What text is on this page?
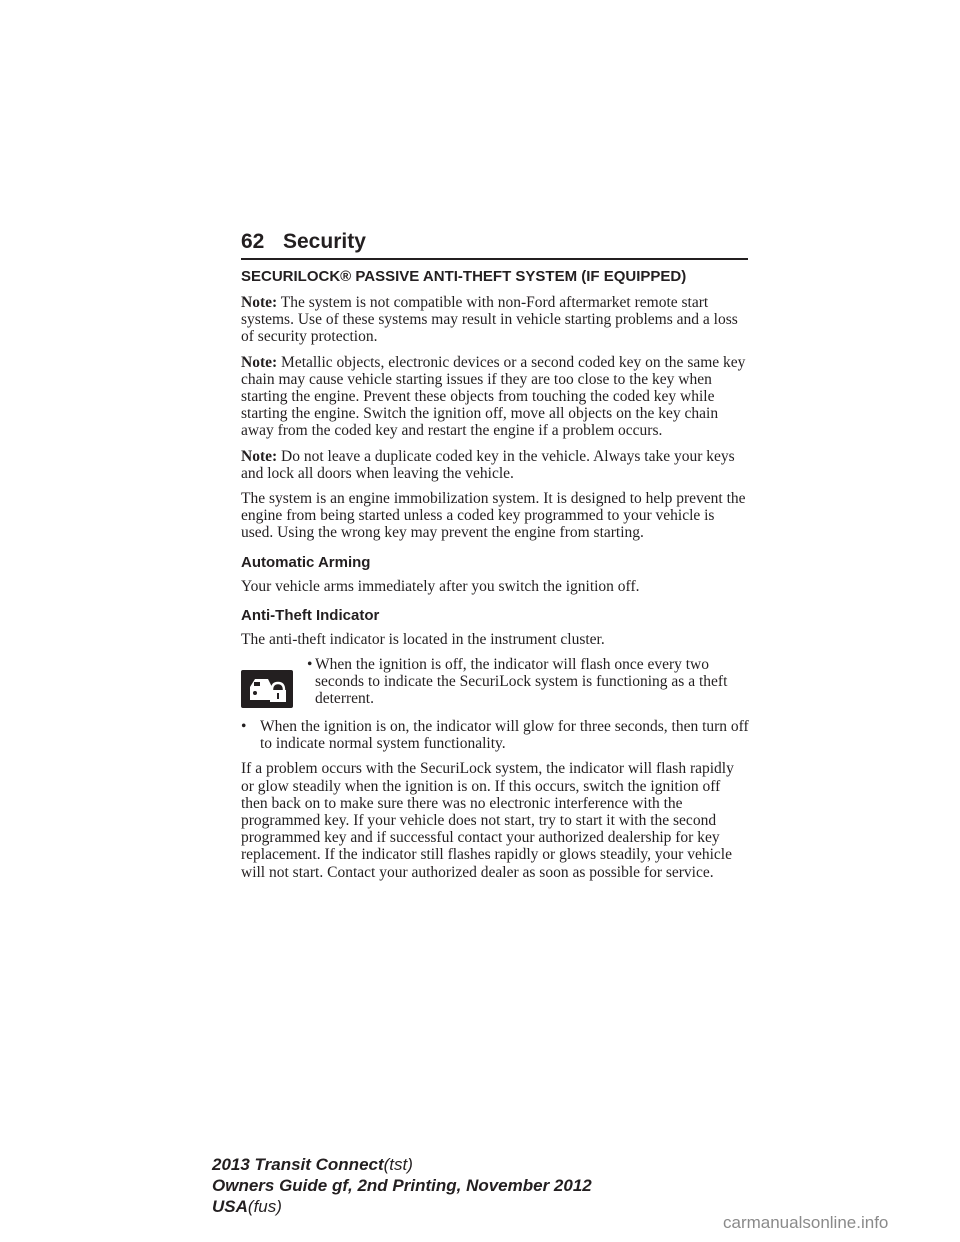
62 Security
SECURILOCK® PASSIVE ANTI-THEFT SYSTEM (IF EQUIPPED)

Note: The system is not compatible with non-Ford aftermarket remote start systems. Use of these systems may result in vehicle starting problems and a loss of security protection.

Note: Metallic objects, electronic devices or a second coded key on the same key chain may cause vehicle starting issues if they are too close to the key when starting the engine. Prevent these objects from touching the coded key while starting the engine. Switch the ignition off, move all objects on the key chain away from the coded key and restart the engine if a problem occurs.

Note: Do not leave a duplicate coded key in the vehicle. Always take your keys and lock all doors when leaving the vehicle.

The system is an engine immobilization system. It is designed to help prevent the engine from being started unless a coded key programmed to your vehicle is used. Using the wrong key may prevent the engine from starting.

Automatic Arming

Your vehicle arms immediately after you switch the ignition off.

Anti-Theft Indicator

The anti-theft indicator is located in the instrument cluster.

• When the ignition is off, the indicator will flash once every two seconds to indicate the SecuriLock system is functioning as a theft deterrent.
• When the ignition is on, the indicator will glow for three seconds, then turn off to indicate normal system functionality.

If a problem occurs with the SecuriLock system, the indicator will flash rapidly or glow steadily when the ignition is on. If this occurs, switch the ignition off then back on to make sure there was no electronic interference with the programmed key. If your vehicle does not start, try to start it with the second programmed key and if successful contact your authorized dealership for key replacement. If the indicator still flashes rapidly or glows steadily, your vehicle will not start. Contact your authorized dealer as soon as possible for service.

2013 Transit Connect(tst)
Owners Guide gf, 2nd Printing, November 2012
USA(fus)
carmanualsonline.info
